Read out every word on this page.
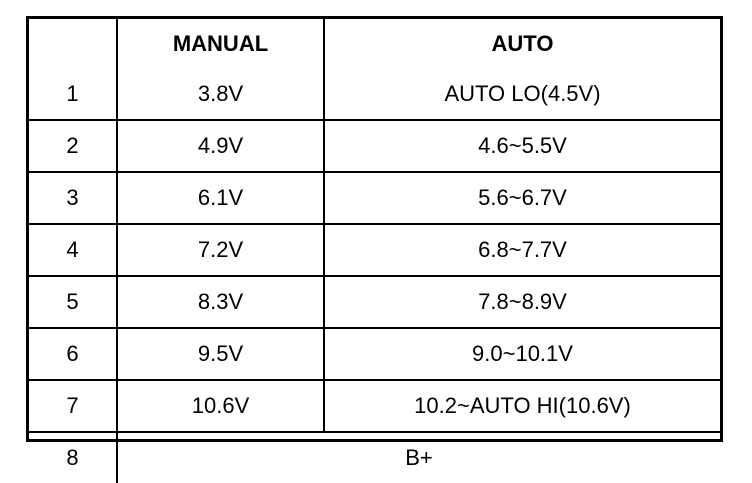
	MANUAL	AUTO
1	3.8V	AUTO LO(4.5V)
2	4.9V	4.6~5.5V
3	6.1V	5.6~6.7V
4	7.2V	6.8~7.7V
5	8.3V	7.8~8.9V
6	9.5V	9.0~10.1V
7	10.6V	10.2~AUTO HI(10.6V)
8	B+	
